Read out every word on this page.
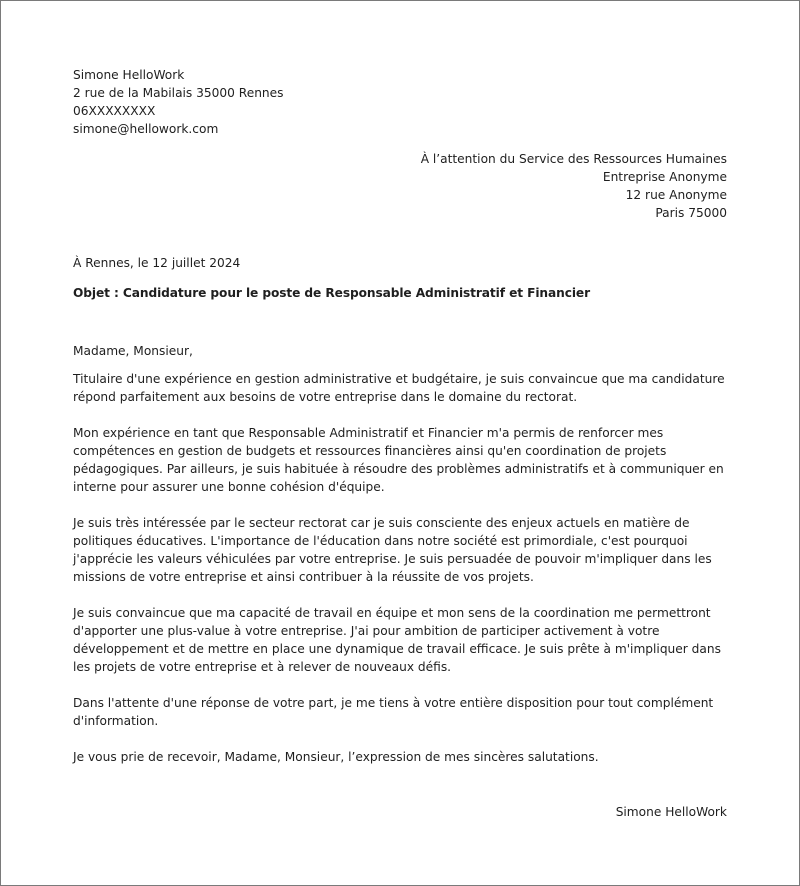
Simone HelloWork
2 rue de la Mabilais 35000 Rennes
06XXXXXXXX
simone@hellowork.com
À l’attention du Service des Ressources Humaines
Entreprise Anonyme
12 rue Anonyme
Paris 75000
À Rennes, le 12 juillet 2024
Objet : Candidature pour le poste de Responsable Administratif et Financier

Madame, Monsieur,

Titulaire d'une expérience en gestion administrative et budgétaire, je suis convaincue que ma candidature répond parfaitement aux besoins de votre entreprise dans le domaine du rectorat.

Mon expérience en tant que Responsable Administratif et Financier m'a permis de renforcer mes compétences en gestion de budgets et ressources financières ainsi qu'en coordination de projets pédagogiques. Par ailleurs, je suis habituée à résoudre des problèmes administratifs et à communiquer en interne pour assurer une bonne cohésion d'équipe.

Je suis très intéressée par le secteur rectorat car je suis consciente des enjeux actuels en matière de politiques éducatives. L'importance de l'éducation dans notre société est primordiale, c'est pourquoi j'apprécie les valeurs véhiculées par votre entreprise. Je suis persuadée de pouvoir m'impliquer dans les missions de votre entreprise et ainsi contribuer à la réussite de vos projets.

Je suis convaincue que ma capacité de travail en équipe et mon sens de la coordination me permettront d'apporter une plus-value à votre entreprise. J'ai pour ambition de participer activement à votre développement et de mettre en place une dynamique de travail efficace. Je suis prête à m'impliquer dans les projets de votre entreprise et à relever de nouveaux défis.

Dans l'attente d'une réponse de votre part, je me tiens à votre entière disposition pour tout complément d'information.

Je vous prie de recevoir, Madame, Monsieur, l’expression de mes sincères salutations.

Simone HelloWork
